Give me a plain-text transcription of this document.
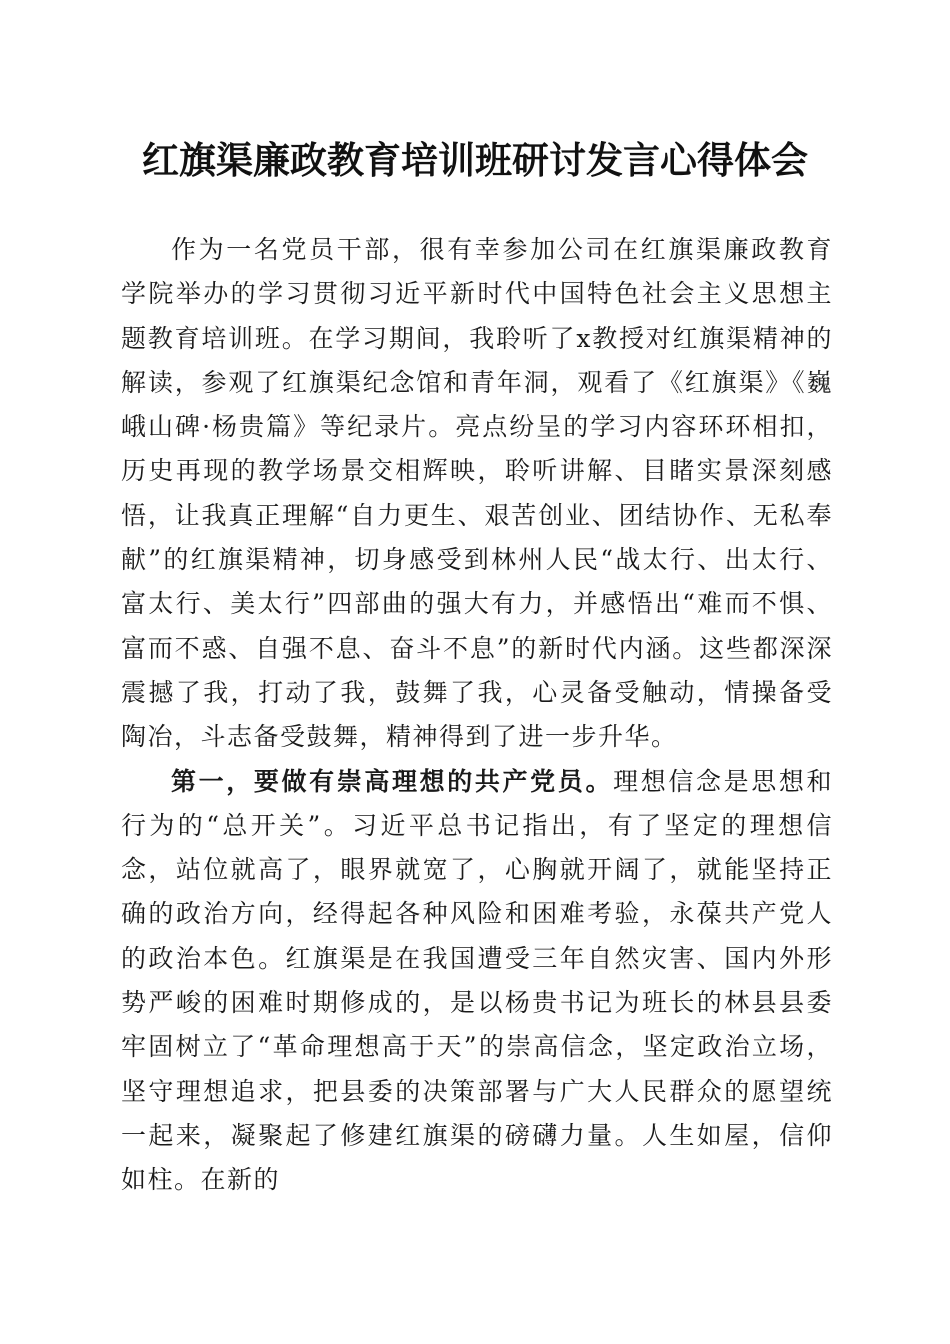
红旗渠廉政教育培训班研讨发言心得体会

作为一名党员干部，很有幸参加公司在红旗渠廉政教育学院举办的学习贯彻习近平新时代中国特色社会主义思想主题教育培训班。在学习期间，我聆听了x教授对红旗渠精神的解读，参观了红旗渠纪念馆和青年洞，观看了《红旗渠》《巍峨山碑·杨贵篇》等纪录片。亮点纷呈的学习内容环环相扣，历史再现的教学场景交相辉映，聆听讲解、目睹实景深刻感悟，让我真正理解“自力更生、艰苦创业、团结协作、无私奉献”的红旗渠精神，切身感受到林州人民“战太行、出太行、富太行、美太行”四部曲的强大有力，并感悟出“难而不惧、富而不惑、自强不息、奋斗不息”的新时代内涵。这些都深深震撼了我，打动了我，鼓舞了我，心灵备受触动，情操备受陶冶，斗志备受鼓舞，精神得到了进一步升华。

第一，要做有崇高理想的共产党员。理想信念是思想和行为的“总开关”。习近平总书记指出，有了坚定的理想信念，站位就高了，眼界就宽了，心胸就开阔了，就能坚持正确的政治方向，经得起各种风险和困难考验，永葆共产党人的政治本色。红旗渠是在我国遭受三年自然灾害、国内外形势严峻的困难时期修成的，是以杨贵书记为班长的林县县委牢固树立了“革命理想高于天”的崇高信念，坚定政治立场，坚守理想追求，把县委的决策部署与广大人民群众的愿望统一起来，凝聚起了修建红旗渠的磅礴力量。人生如屋，信仰如柱。在新的
